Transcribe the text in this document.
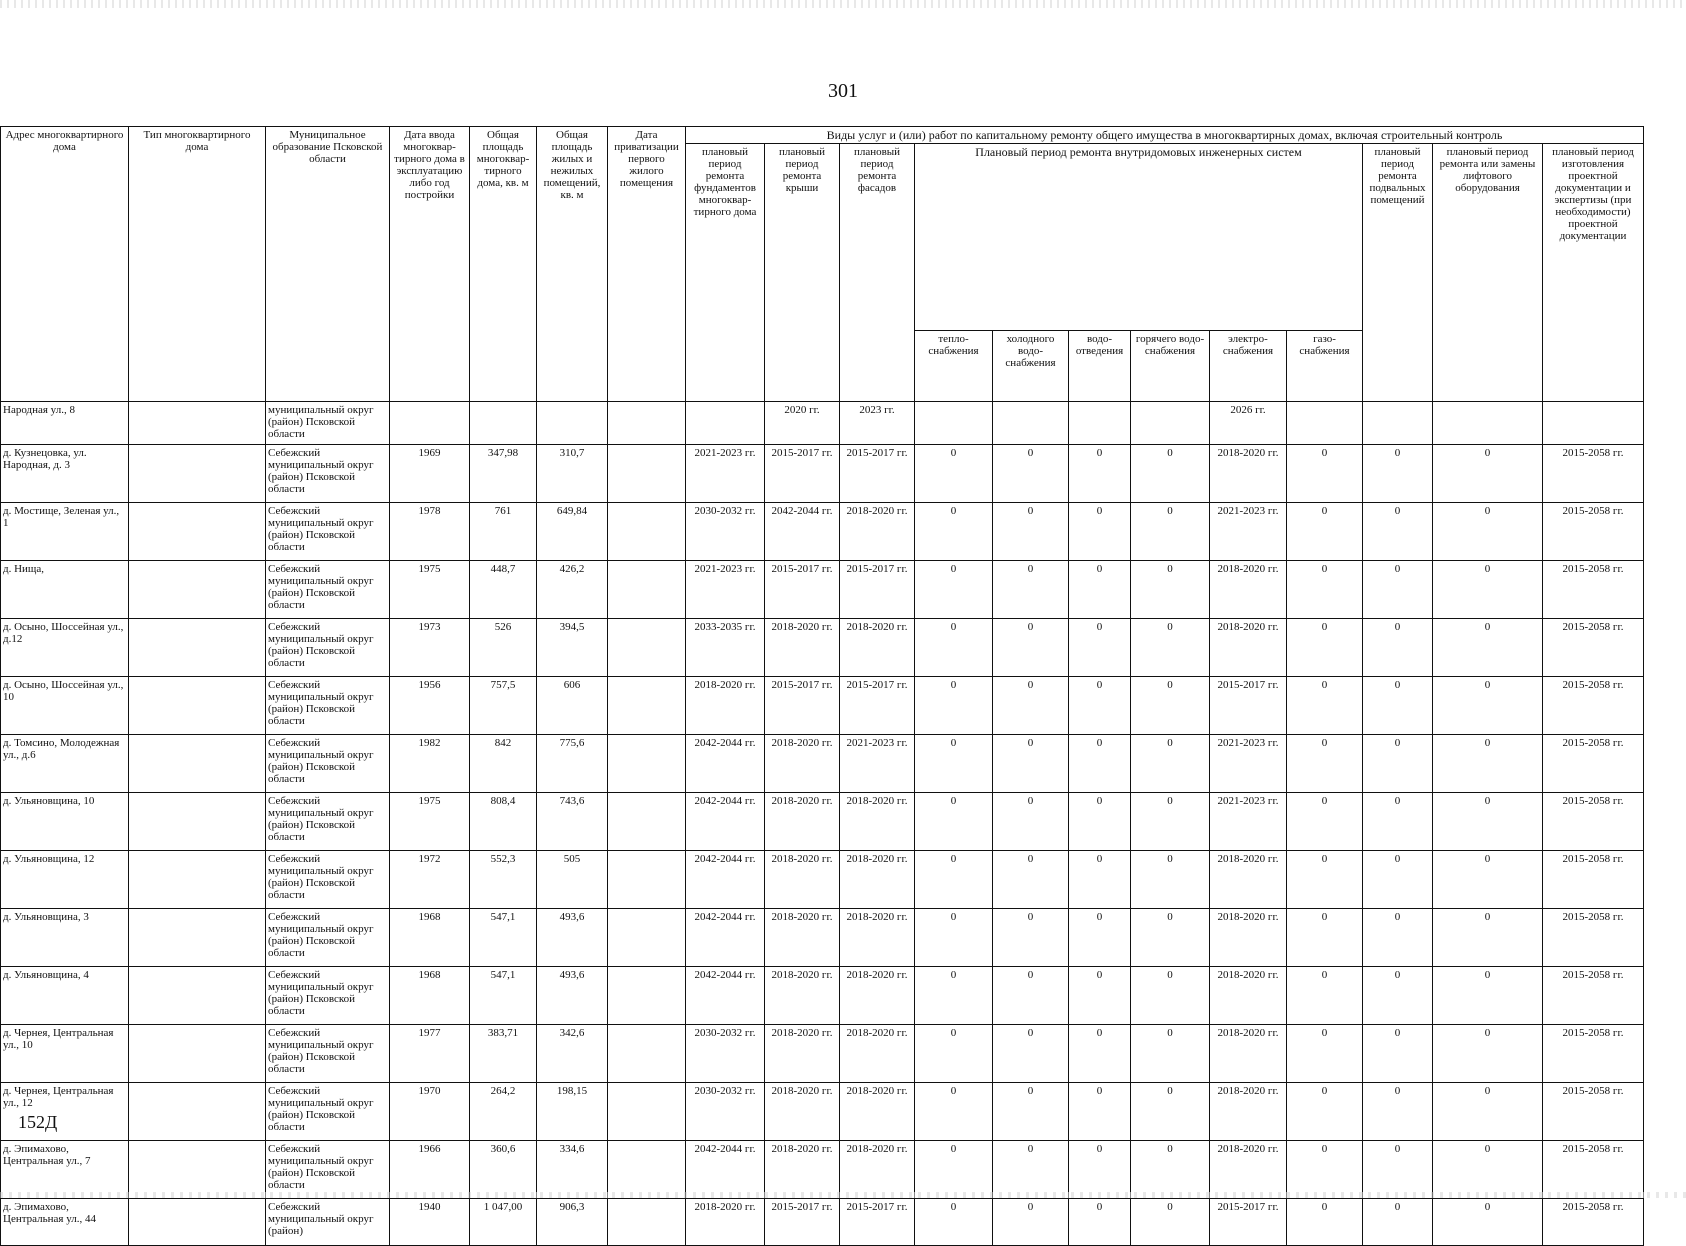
301
Адрес многоквартирного дома	Тип многоквартирного дома	Муниципальное образование Псковской области	Дата ввода многоквар-тирного дома в эксплуатацию либо год постройки	Общая площадь многоквар-тирного дома, кв. м	Общая площадь жилых и нежилых помещений, кв. м	Дата приватизации первого жилого помещения	Виды услуг и (или) работ по капитальному ремонту общего имущества в многоквартирных домах, включая строительный контроль											
							плановый период ремонта фундаментов многоквар-тирного дома	плановый период ремонта крыши	плановый период ремонта фасадов	Плановый период ремонта внутридомовых инженерных систем						плановый период ремонта подвальных помещений	плановый период ремонта или замены лифтового оборудования	плановый период изготовления проектной документации и экспертизы (при необходимости) проектной документации
										тепло-снабжения	холодного водо-снабжения	водо-отведения	горячего водо-снабжения	электро-снабжения	газо-снабжения			
Народная ул., 8		муниципальный округ (район) Псковской области						2020 гг.	2023 гг.					2026 гг.				
д. Кузнецовка, ул. Народная, д. 3		Себежский муниципальный округ (район) Псковской области	1969	347,98	310,7		2021-2023 гг.	2015-2017 гг.	2015-2017 гг.	0	0	0	0	2018-2020 гг.	0	0	0	2015-2058 гг.
д. Мостище, Зеленая ул., 1		Себежский муниципальный округ (район) Псковской области	1978	761	649,84		2030-2032 гг.	2042-2044 гг.	2018-2020 гг.	0	0	0	0	2021-2023 гг.	0	0	0	2015-2058 гг.
д. Нища,		Себежский муниципальный округ (район) Псковской области	1975	448,7	426,2		2021-2023 гг.	2015-2017 гг.	2015-2017 гг.	0	0	0	0	2018-2020 гг.	0	0	0	2015-2058 гг.
д. Осыно, Шоссейная ул., д.12		Себежский муниципальный округ (район) Псковской области	1973	526	394,5		2033-2035 гг.	2018-2020 гг.	2018-2020 гг.	0	0	0	0	2018-2020 гг.	0	0	0	2015-2058 гг.
д. Осыно, Шоссейная ул., 10		Себежский муниципальный округ (район) Псковской области	1956	757,5	606		2018-2020 гг.	2015-2017 гг.	2015-2017 гг.	0	0	0	0	2015-2017 гг.	0	0	0	2015-2058 гг.
д. Томсино, Молодежная ул., д.6		Себежский муниципальный округ (район) Псковской области	1982	842	775,6		2042-2044 гг.	2018-2020 гг.	2021-2023 гг.	0	0	0	0	2021-2023 гг.	0	0	0	2015-2058 гг.
д. Ульяновщина, 10		Себежский муниципальный округ (район) Псковской области	1975	808,4	743,6		2042-2044 гг.	2018-2020 гг.	2018-2020 гг.	0	0	0	0	2021-2023 гг.	0	0	0	2015-2058 гг.
д. Ульяновщина, 12		Себежский муниципальный округ (район) Псковской области	1972	552,3	505		2042-2044 гг.	2018-2020 гг.	2018-2020 гг.	0	0	0	0	2018-2020 гг.	0	0	0	2015-2058 гг.
д. Ульяновщина, 3		Себежский муниципальный округ (район) Псковской области	1968	547,1	493,6		2042-2044 гг.	2018-2020 гг.	2018-2020 гг.	0	0	0	0	2018-2020 гг.	0	0	0	2015-2058 гг.
д. Ульяновщина, 4		Себежский муниципальный округ (район) Псковской области	1968	547,1	493,6		2042-2044 гг.	2018-2020 гг.	2018-2020 гг.	0	0	0	0	2018-2020 гг.	0	0	0	2015-2058 гг.
д. Чернея, Центральная ул., 10		Себежский муниципальный округ (район) Псковской области	1977	383,71	342,6		2030-2032 гг.	2018-2020 гг.	2018-2020 гг.	0	0	0	0	2018-2020 гг.	0	0	0	2015-2058 гг.
д. Чернея, Центральная ул., 12		Себежский муниципальный округ (район) Псковской области	1970	264,2	198,15		2030-2032 гг.	2018-2020 гг.	2018-2020 гг.	0	0	0	0	2018-2020 гг.	0	0	0	2015-2058 гг.
д. Эпимахово, Центральная ул., 7		Себежский муниципальный округ (район) Псковской области	1966	360,6	334,6		2042-2044 гг.	2018-2020 гг.	2018-2020 гг.	0	0	0	0	2018-2020 гг.	0	0	0	2015-2058 гг.
д. Эпимахово, Центральная ул., 44		Себежский муниципальный округ (район)	1940	1 047,00	906,3		2018-2020 гг.	2015-2017 гг.	2015-2017 гг.	0	0	0	0	2015-2017 гг.	0	0	0	2015-2058 гг.
152Д
